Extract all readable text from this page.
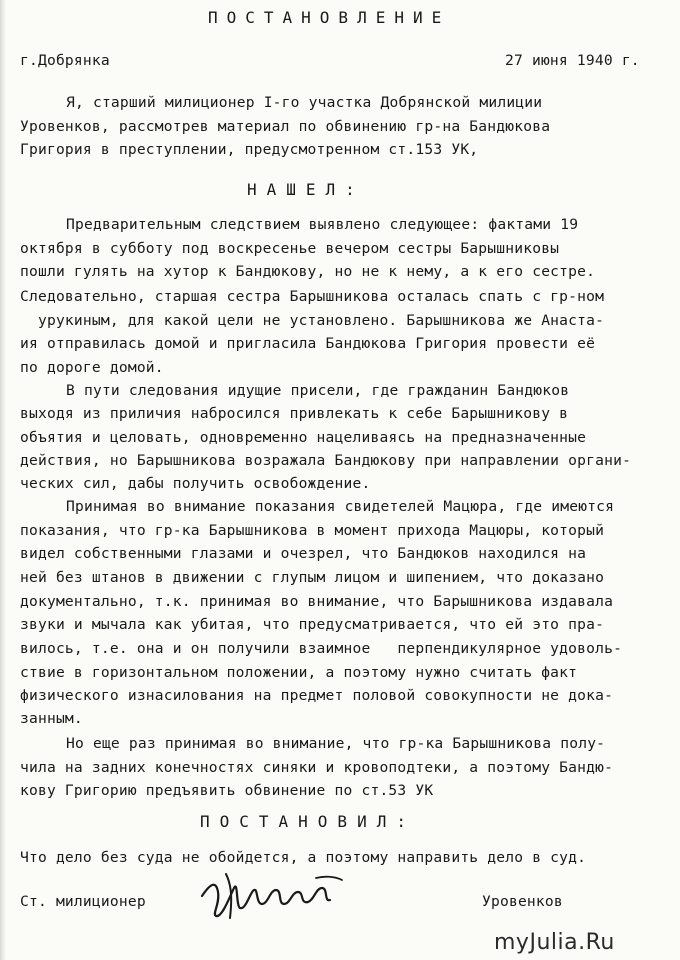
ПОСТАНОВЛЕНИЕ
г.Добрянка	27 июня 1940 г.
Я, старший милиционер I-го участка Добрянской милиции
Уровенков, рассмотрев материал по обвинению гр-на Бандюкова
Григория в преступлении, предусмотренном ст.153 УК,
НАШЕЛ:
Предварительным следствием выявлено следующее: фактами 19
октября в субботу под воскресенье вечером сестры Барышниковы
пошли гулять на хутор к Бандюкову, но не к нему, а к его сестре.
Следовательно, старшая сестра Барышникова осталась спать с гр-ном
урукиным, для какой цели не установлено. Барышникова же Анаста-
ия отправилась домой и пригласила Бандюкова Григория провести её
по дороге домой.
В пути следования идущие присели, где гражданин Бандюков
выходя из приличия набросился привлекать к себе Барышникову в
объятия и целовать, одновременно нацеливаясь на предназначенные
действия, но Барышникова возражала Бандюкову при направлении органи-
ческих сил, дабы получить освобождение.
Принимая во внимание показания свидетелей Мацюра, где имеются
показания, что гр-ка Барышникова в момент прихода Мацюры, который
видел собственными глазами и очезрел, что Бандюков находился на
ней без штанов в движении с глупым лицом и шипением, что доказано
документально, т.к. принимая во внимание, что Барышникова издавала
звуки и мычала как убитая, что предусматривается, что ей это пра-
вилось, т.е. она и он получили взаимное   перпендикулярное удоволь-
ствие в горизонтальном положении, а поэтому нужно считать факт
физического изнасилования на предмет половой совокупности не дока-
занным.
Но еще раз принимая во внимание, что гр-ка Барышникова полу-
чила на задних конечностях синяки и кровоподтеки, а поэтому Бандю-
кову Григорию предъявить обвинение по ст.53 УК
ПОСТАНОВИЛ:
Что дело без суда не обойдется, а поэтому направить дело в суд.
Ст. милиционер	Уровенков
myJulia.Ru
